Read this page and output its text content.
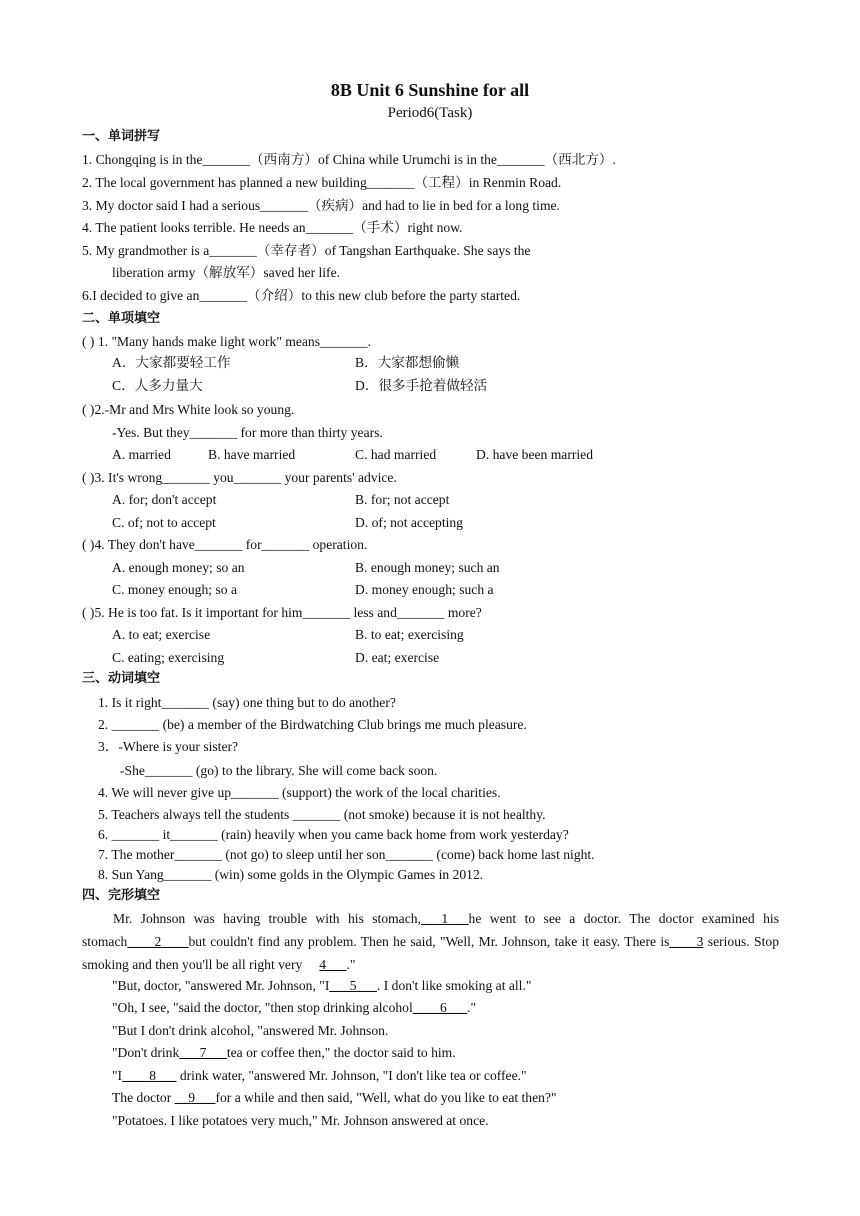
8B Unit 6 Sunshine for all
Period6(Task)
一、单词拼写
1. Chongqing is in the_______（西南方）of China while Urumchi is in the_______（西北方）.
2. The local government has planned a new building_______（工程）in Renmin Road.
3. My doctor said I had a serious_______（疾病）and had to lie in bed for a long time.
4. The patient looks terrible. He needs an_______（手术）right now.
5. My grandmother is a_______（幸存者）of Tangshan Earthquake. She says the
liberation army（解放军）saved her life.
6.I decided to give an_______（介绍）to this new club before the party started.
二、单项填空
( ) 1. "Many hands make light work" means_______.
A．大家都要轻工作	B．大家都想偷懒
C．人多力量大	D．很多手抢着做轻活
( )2.-Mr and Mrs White look so young.
-Yes. But they_______ for more than thirty years.
A. married	B. have married	C. had married	D. have been married
( )3. It's wrong_______ you_______ your parents' advice.
A. for; don't accept	B. for; not accept
C. of; not to accept	D. of; not accepting
( )4. They don't have_______ for_______ operation.
A. enough money; so an	B. enough money; such an
C. money enough; so a	D. money enough; such a
( )5. He is too fat. Is it important for him_______ less and_______ more?
A. to eat; exercise	B. to eat; exercising
C. eating; exercising	D. eat; exercise
三、动词填空
1. Is it right_______ (say) one thing but to do another?
2. _______ (be) a member of the Birdwatching Club brings me much pleasure.
3．-Where is your sister?
-She_______ (go) to the library. She will come back soon.
4. We will never give up_______ (support) the work of the local charities.
5. Teachers always tell the students _______ (not smoke) because it is not healthy.
6. _______ it_______ (rain) heavily when you came back home from work yesterday?
7. The mother_______ (not go) to sleep until her son_______ (come) back home last night.
8. Sun Yang_______ (win) some golds in the Olympic Games in 2012.
四、完形填空
Mr. Johnson was having trouble with his stomach,___1___he went to see a doctor. The doctor examined his stomach____2____but couldn't find any problem. Then he said, "Well, Mr. Johnson, take it easy. There is____3 serious. Stop smoking and then you'll be all right very 4___."
"But, doctor, "answered Mr. Johnson, "I___5___. I don't like smoking at all."
"Oh, I see, "said the doctor, "then stop drinking alcohol____6___."
"But I don't drink alcohol, "answered Mr. Johnson.
"Don't drink___7___tea or coffee then," the doctor said to him.
"I____8___ drink water, "answered Mr. Johnson, "I don't like tea or coffee."
The doctor __9___for a while and then said, "Well, what do you like to eat then?"
"Potatoes. I like potatoes very much," Mr. Johnson answered at once.
